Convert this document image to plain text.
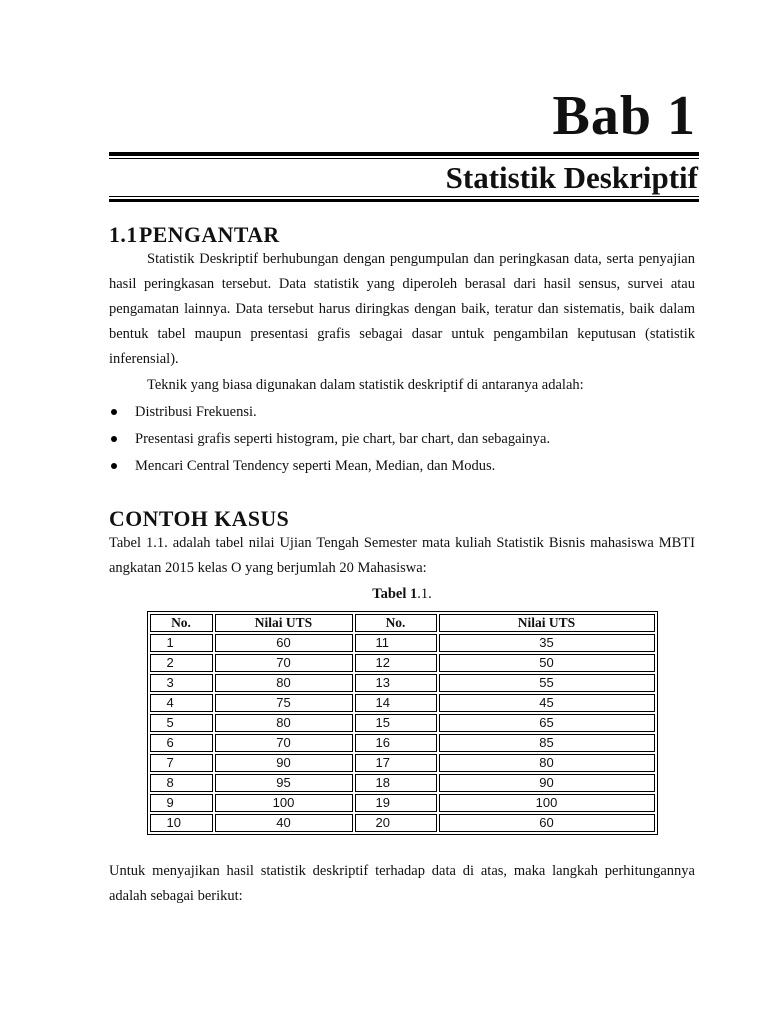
Bab 1
Statistik Deskriptif
1.1PENGANTAR

Statistik Deskriptif berhubungan dengan pengumpulan dan peringkasan data, serta penyajian hasil peringkasan tersebut. Data statistik yang diperoleh berasal dari hasil sensus, survei atau pengamatan lainnya. Data tersebut harus diringkas dengan baik, teratur dan sistematis, baik dalam bentuk tabel maupun presentasi grafis sebagai dasar untuk pengambilan keputusan (statistik inferensial).

Teknik yang biasa digunakan dalam statistik deskriptif di antaranya adalah:

Distribusi Frekuensi.
Presentasi grafis seperti histogram, pie chart, bar chart, dan sebagainya.
Mencari Central Tendency seperti Mean, Median, dan Modus.
CONTOH KASUS

Tabel 1.1. adalah tabel nilai Ujian Tengah Semester mata kuliah Statistik Bisnis mahasiswa MBTI angkatan 2015 kelas O yang berjumlah 20 Mahasiswa:

Tabel 1.1.
No.	Nilai UTS	No.	Nilai UTS
1	60	11	35
2	70	12	50
3	80	13	55
4	75	14	45
5	80	15	65
6	70	16	85
7	90	17	80
8	95	18	90
9	100	19	100
10	40	20	60

Untuk menyajikan hasil statistik deskriptif terhadap data di atas, maka langkah perhitungannya adalah sebagai berikut:
